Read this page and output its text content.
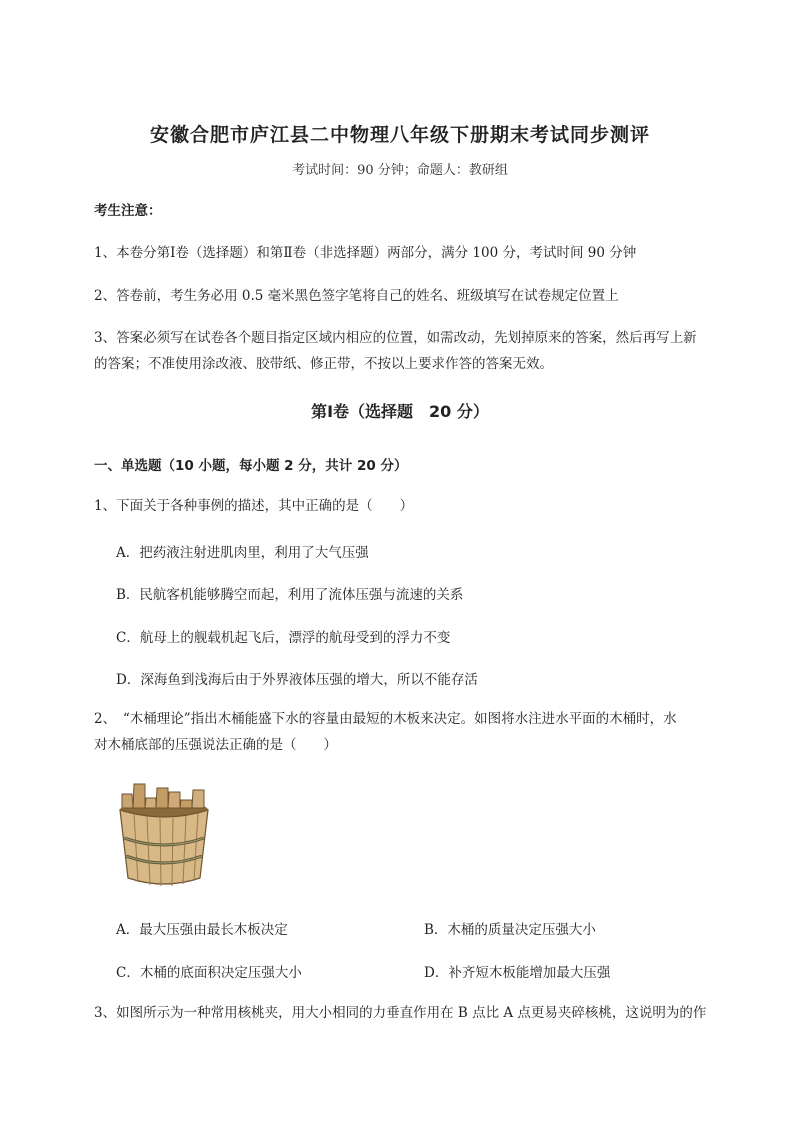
安徽合肥市庐江县二中物理八年级下册期末考试同步测评
考试时间：90 分钟；命题人：教研组
考生注意：
1、本卷分第Ⅰ卷（选择题）和第Ⅱ卷（非选择题）两部分，满分 100 分，考试时间 90 分钟
2、答卷前，考生务必用 0.5 毫米黑色签字笔将自己的姓名、班级填写在试卷规定位置上
3、答案必须写在试卷各个题目指定区域内相应的位置，如需改动，先划掉原来的答案，然后再写上新
的答案；不准使用涂改液、胶带纸、修正带，不按以上要求作答的答案无效。
第Ⅰ卷（选择题　20 分）
一、单选题（10 小题，每小题 2 分，共计 20 分）
1、下面关于各种事例的描述，其中正确的是（　　）
A．把药液注射进肌肉里，利用了大气压强
B．民航客机能够腾空而起，利用了流体压强与流速的关系
C．航母上的舰载机起飞后，漂浮的航母受到的浮力不变
D．深海鱼到浅海后由于外界液体压强的增大，所以不能存活
2、　“木桶理论”指出木桶能盛下水的容量由最短的木板来决定。如图将水注进水平面的木桶时，水
对木桶底部的压强说法正确的是（　　）
A．最大压强由最长木板决定	B．木桶的质量决定压强大小
C．木桶的底面积决定压强大小	D．补齐短木板能增加最大压强
3、如图所示为一种常用核桃夹，用大小相同的力垂直作用在 B 点比 A 点更易夹碎核桃，这说明为的作
